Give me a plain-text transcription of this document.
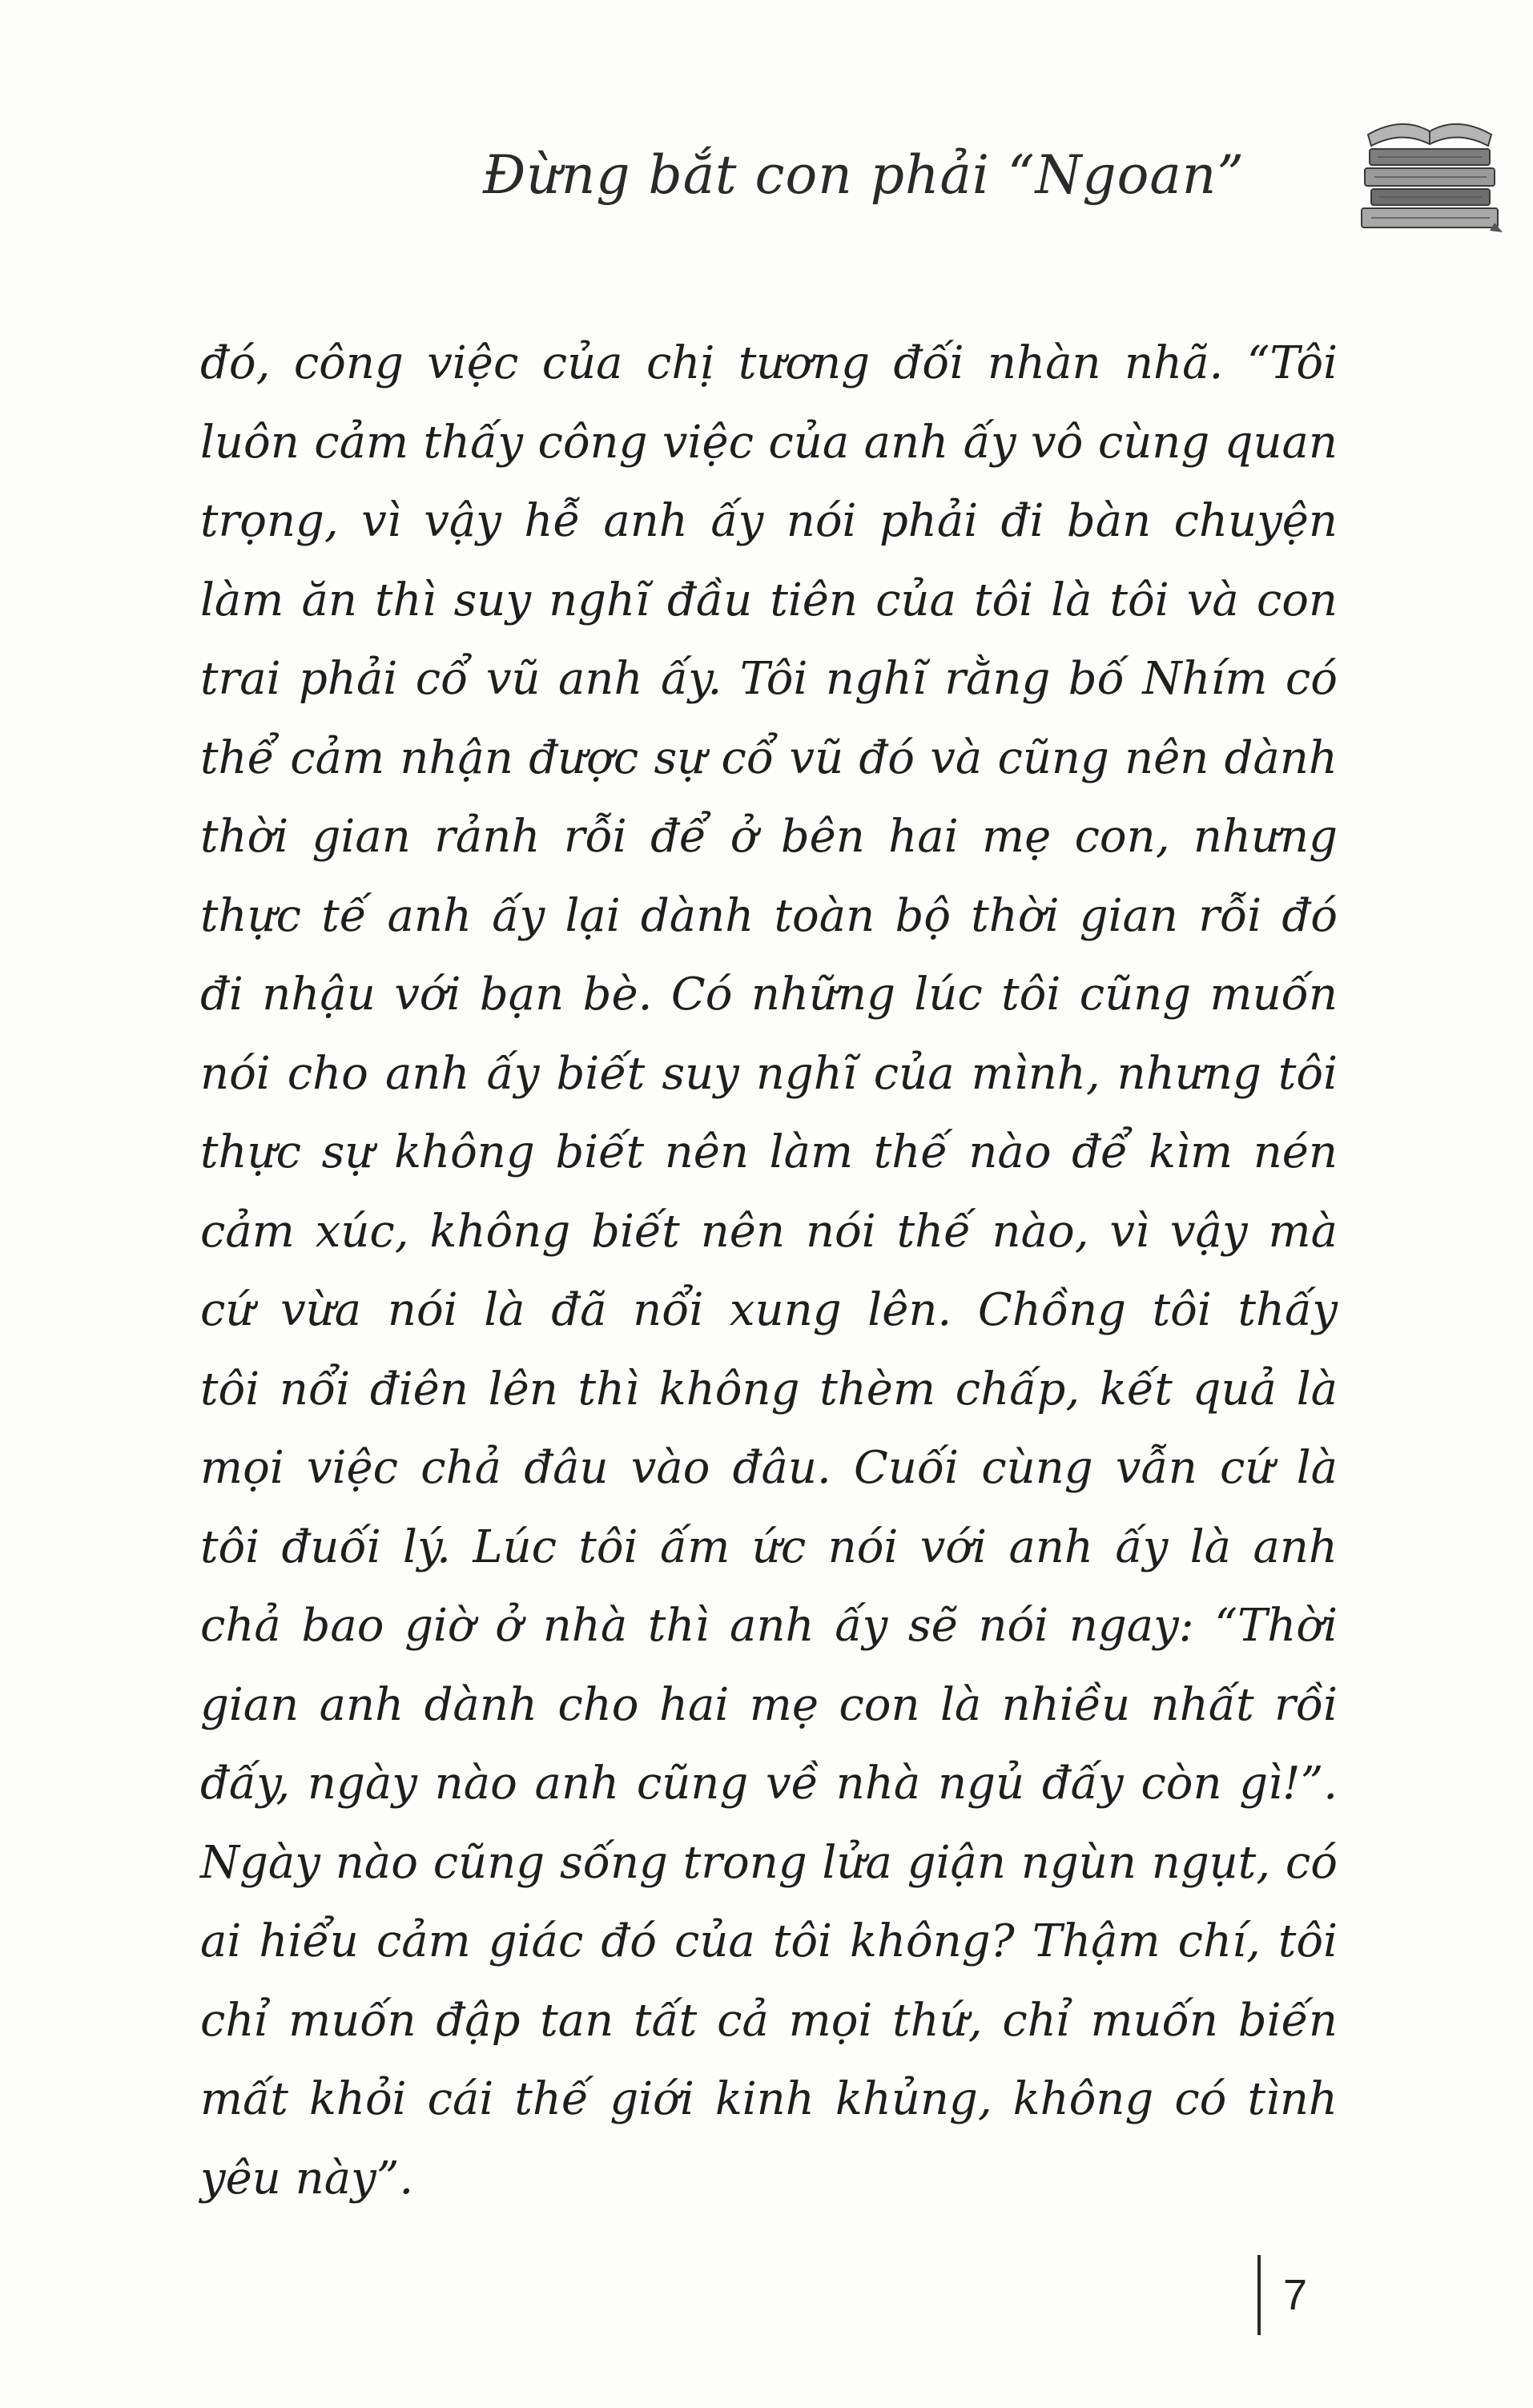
Đừng bắt con phải “Ngoan”
đó, công việc của chị tương đối nhàn nhã. “Tôi
luôn cảm thấy công việc của anh ấy vô cùng quan
trọng, vì vậy hễ anh ấy nói phải đi bàn chuyện
làm ăn thì suy nghĩ đầu tiên của tôi là tôi và con
trai phải cổ vũ anh ấy. Tôi nghĩ rằng bố Nhím có
thể cảm nhận được sự cổ vũ đó và cũng nên dành
thời gian rảnh rỗi để ở bên hai mẹ con, nhưng
thực tế anh ấy lại dành toàn bộ thời gian rỗi đó
đi nhậu với bạn bè. Có những lúc tôi cũng muốn
nói cho anh ấy biết suy nghĩ của mình, nhưng tôi
thực sự không biết nên làm thế nào để kìm nén
cảm xúc, không biết nên nói thế nào, vì vậy mà
cứ vừa nói là đã nổi xung lên. Chồng tôi thấy
tôi nổi điên lên thì không thèm chấp, kết quả là
mọi việc chả đâu vào đâu. Cuối cùng vẫn cứ là
tôi đuối lý. Lúc tôi ấm ức nói với anh ấy là anh
chả bao giờ ở nhà thì anh ấy sẽ nói ngay: “Thời
gian anh dành cho hai mẹ con là nhiều nhất rồi
đấy, ngày nào anh cũng về nhà ngủ đấy còn gì!”.
Ngày nào cũng sống trong lửa giận ngùn ngụt, có
ai hiểu cảm giác đó của tôi không? Thậm chí, tôi
chỉ muốn đập tan tất cả mọi thứ, chỉ muốn biến
mất khỏi cái thế giới kinh khủng, không có tình
yêu này”.
7
